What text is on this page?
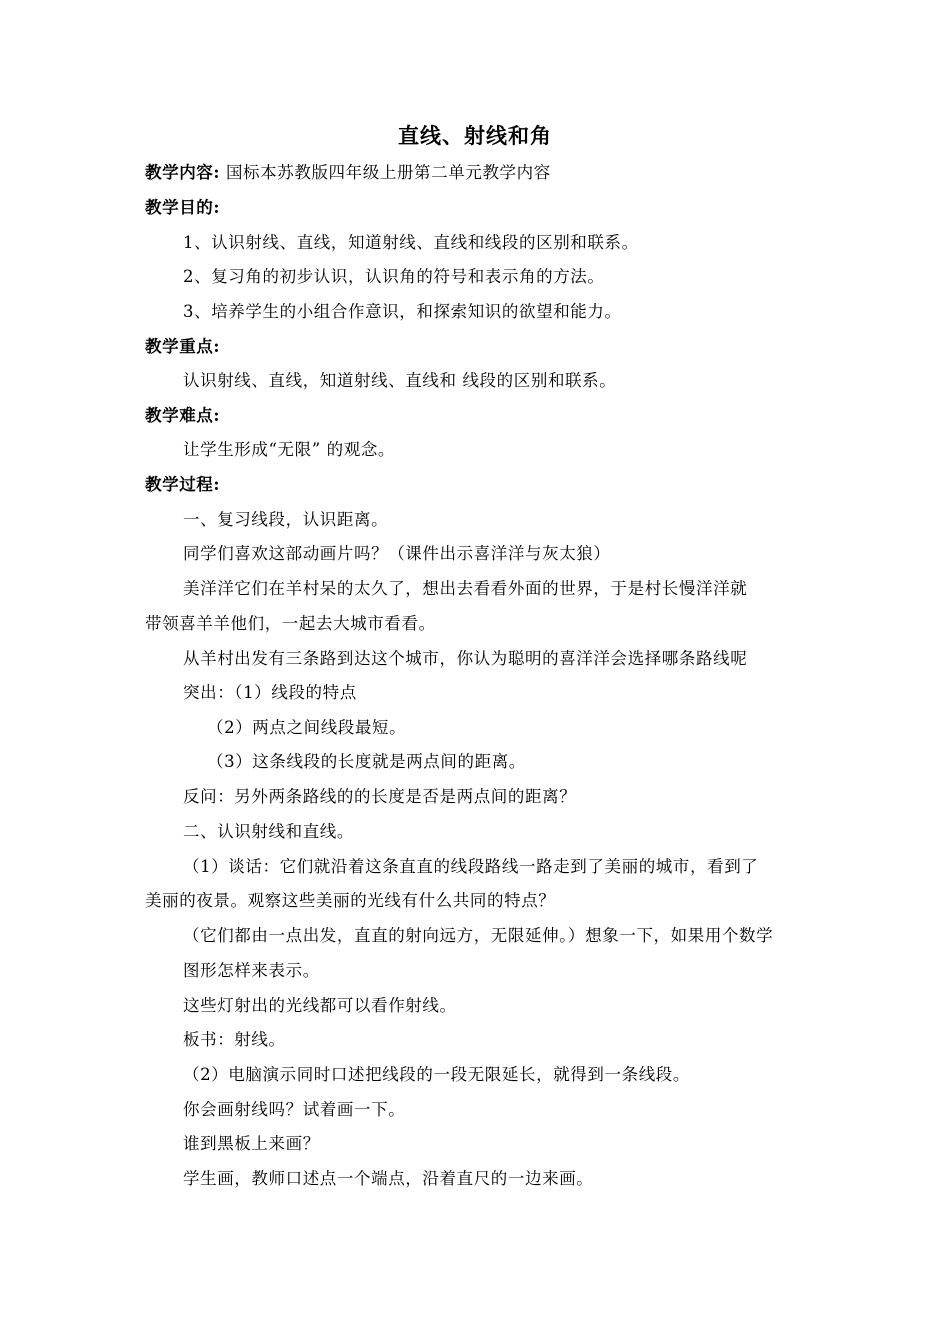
直线、射线和角
教学内容: 国标本苏教版四年级上册第二单元教学内容
教学目的:
1、认识射线、直线，知道射线、直线和线段的区别和联系。
2、复习角的初步认识，认识角的符号和表示角的方法。
3、培养学生的小组合作意识，和探索知识的欲望和能力。
教学重点:
认识射线、直线，知道射线、直线和 线段的区别和联系。
教学难点:
让学生形成“无限” 的观念。
教学过程:
一、复习线段，认识距离。
同学们喜欢这部动画片吗？（课件出示喜洋洋与灰太狼）
美洋洋它们在羊村呆的太久了，想出去看看外面的世界，于是村长慢洋洋就
带领喜羊羊他们，一起去大城市看看。
从羊村出发有三条路到达这个城市，你认为聪明的喜洋洋会选择哪条路线呢
突出：（1）线段的特点
（2）两点之间线段最短。
（3）这条线段的长度就是两点间的距离。
反问：另外两条路线的的长度是否是两点间的距离？
二、认识射线和直线。
（1）谈话：它们就沿着这条直直的线段路线一路走到了美丽的城市，看到了
美丽的夜景。观察这些美丽的光线有什么共同的特点？
（它们都由一点出发，直直的射向远方，无限延伸。）想象一下，如果用个数学
图形怎样来表示。
这些灯射出的光线都可以看作射线。
板书：射线。
（2）电脑演示同时口述把线段的一段无限延长，就得到一条线段。
你会画射线吗？试着画一下。
谁到黑板上来画？
学生画，教师口述点一个端点，沿着直尺的一边来画。
